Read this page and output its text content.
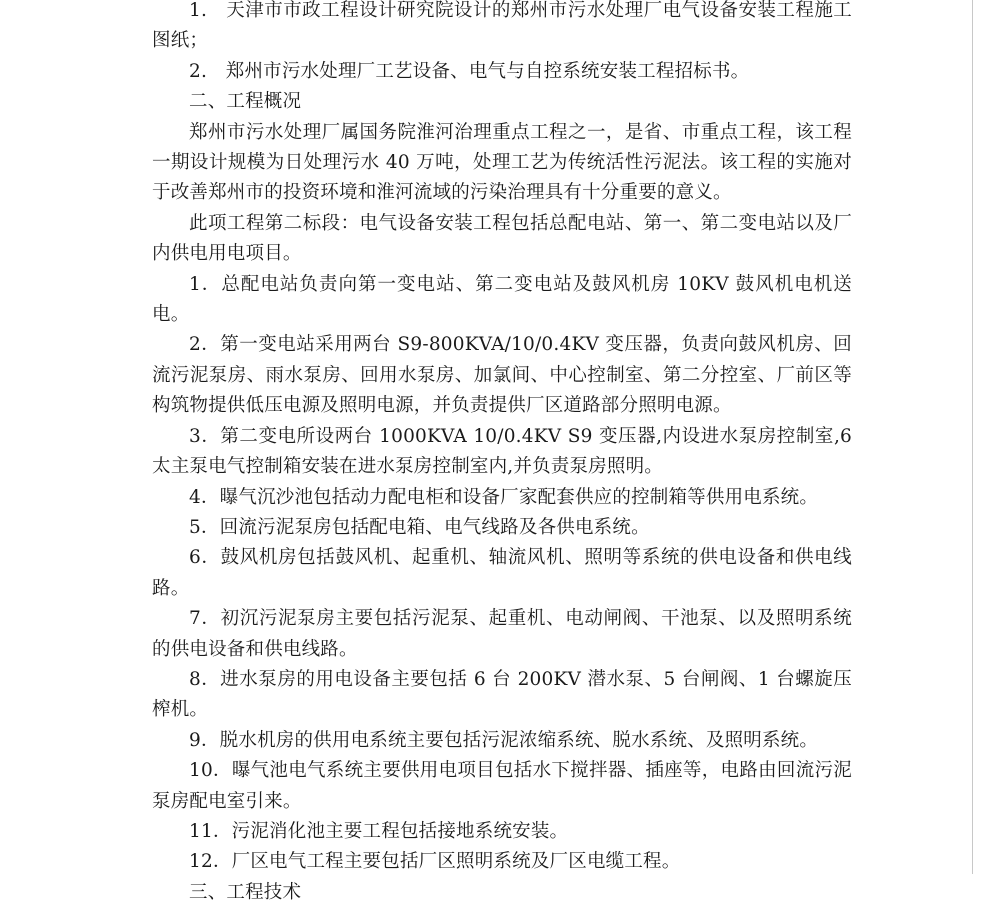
1.　天津市市政工程设计研究院设计的郑州市污水处理厂电气设备安装工程施工图纸；

2.　郑州市污水处理厂工艺设备、电气与自控系统安装工程招标书。

二、工程概况

郑州市污水处理厂属国务院淮河治理重点工程之一，是省、市重点工程，该工程一期设计规模为日处理污水 40 万吨，处理工艺为传统活性污泥法。该工程的实施对于改善郑州市的投资环境和淮河流域的污染治理具有十分重要的意义。

此项工程第二标段：电气设备安装工程包括总配电站、第一、第二变电站以及厂内供电用电项目。

1．总配电站负责向第一变电站、第二变电站及鼓风机房 10KV 鼓风机电机送电。

2．第一变电站采用两台 S9-800KVA/10/0.4KV 变压器，负责向鼓风机房、回流污泥泵房、雨水泵房、回用水泵房、加氯间、中心控制室、第二分控室、厂前区等构筑物提供低压电源及照明电源，并负责提供厂区道路部分照明电源。

3．第二变电所设两台 1000KVA 10/0.4KV S9 变压器,内设进水泵房控制室,6太主泵电气控制箱安装在进水泵房控制室内,并负责泵房照明。

4．曝气沉沙池包括动力配电柜和设备厂家配套供应的控制箱等供用电系统。

5．回流污泥泵房包括配电箱、电气线路及各供电系统。

6．鼓风机房包括鼓风机、起重机、轴流风机、照明等系统的供电设备和供电线路。

7．初沉污泥泵房主要包括污泥泵、起重机、电动闸阀、干池泵、以及照明系统的供电设备和供电线路。

8．进水泵房的用电设备主要包括 6 台 200KV 潜水泵、5 台闸阀、1 台螺旋压榨机。

9．脱水机房的供用电系统主要包括污泥浓缩系统、脱水系统、及照明系统。

10．曝气池电气系统主要供用电项目包括水下搅拌器、插座等，电路由回流污泥泵房配电室引来。

11．污泥消化池主要工程包括接地系统安装。

12．厂区电气工程主要包括厂区照明系统及厂区电缆工程。

三、工程技术
